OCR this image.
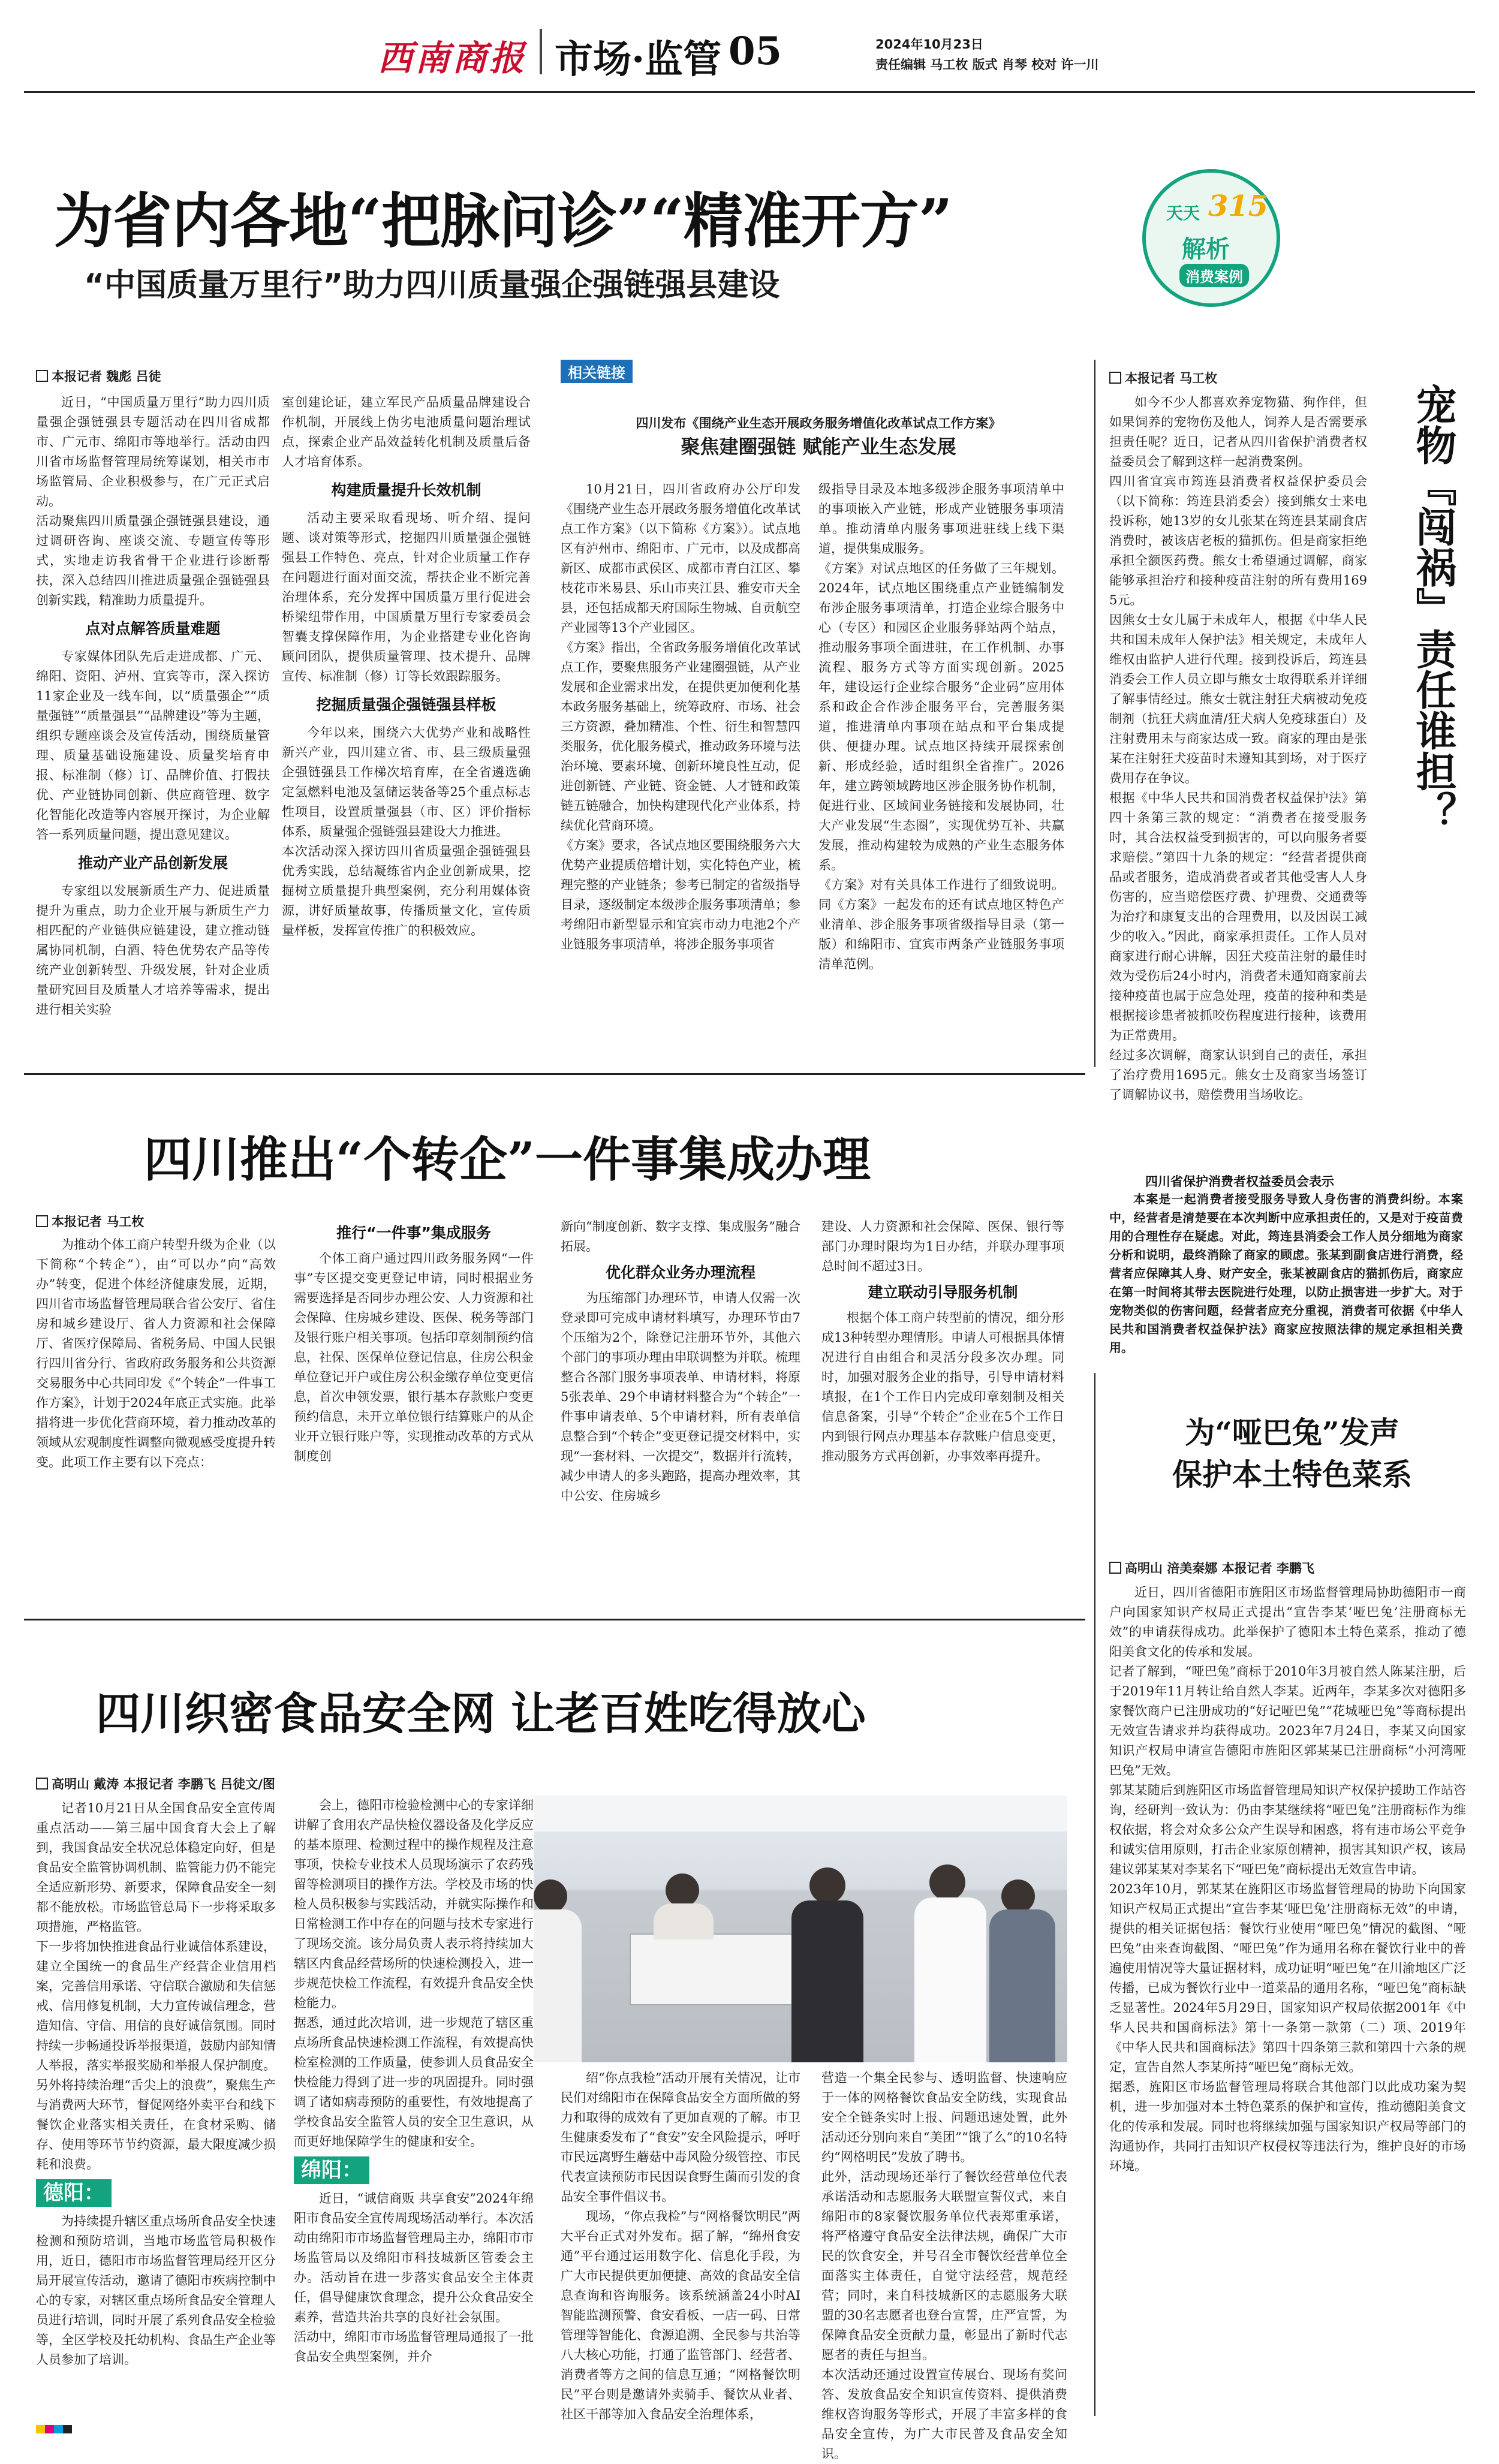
西南商报 市场·监管 05	2024年10月23日
责任编辑 马工枚 版式 肖琴 校对 许一川
为省内各地“把脉问诊”“精准开方”
“中国质量万里行”助力四川质量强企强链强县建设
天天 315
解析
消费案例
本报记者 魏彪 吕徒
近日，“中国质量万里行”助力四川质量强企强链强县专题活动在四川省成都市、广元市、绵阳市等地举行。活动由四川省市场监督管理局统筹谋划，相关市市场监管局、企业积极参与，在广元正式启动。
活动聚焦四川质量强企强链强县建设，通过调研咨询、座谈交流、专题宣传等形式，实地走访我省骨干企业进行诊断帮扶，深入总结四川推进质量强企强链强县创新实践，精准助力质量提升。
点对点解答质量难题
专家媒体团队先后走进成都、广元、绵阳、资阳、泸州、宜宾等市，深入探访11家企业及一线车间，以“质量强企”“质量强链”“质量强县”“品牌建设”等为主题，组织专题座谈会及宣传活动，围绕质量管理、质量基础设施建设、质量奖培育申报、标准制（修）订、品牌价值、打假扶优、产业链协同创新、供应商管理、数字化智能化改造等内容展开探讨，为企业解答一系列质量问题，提出意见建议。
推动产业产品创新发展
专家组以发展新质生产力、促进质量提升为重点，助力企业开展与新质生产力相匹配的产业链供应链建设，建立推动链属协同机制，白酒、特色优势农产品等传统产业创新转型、升级发展，针对企业质量研究回目及质量人才培养等需求，提出进行相关实验
室创建论证，建立军民产品质量品牌建设合作机制，开展线上伪劣电池质量问题治理试点，探索企业产品效益转化机制及质量后备人才培育体系。
构建质量提升长效机制
活动主要采取看现场、听介绍、提问题、谈对策等形式，挖掘四川质量强企强链强县工作特色、亮点，针对企业质量工作存在问题进行面对面交流，帮扶企业不断完善治理体系，充分发挥中国质量万里行促进会桥梁纽带作用，中国质量万里行专家委员会智囊支撑保障作用，为企业搭建专业化咨询顾问团队，提供质量管理、技术提升、品牌宣传、标准制（修）订等长效跟踪服务。
挖掘质量强企强链强县样板
今年以来，围绕六大优势产业和战略性新兴产业，四川建立省、市、县三级质量强企强链强县工作梯次培育库，在全省遴选确定氢燃料电池及氢储运装备等25个重点标志性项目，设置质量强县（市、区）评价指标体系，质量强企强链强县建设大力推进。
本次活动深入探访四川省质量强企强链强县优秀实践，总结凝练省内企业创新成果，挖掘树立质量提升典型案例，充分利用媒体资源，讲好质量故事，传播质量文化，宣传质量样板，发挥宣传推广的积极效应。
相关链接
四川发布《围绕产业生态开展政务服务增值化改革试点工作方案》
聚焦建圈强链 赋能产业生态发展
10月21日，四川省政府办公厅印发《围绕产业生态开展政务服务增值化改革试点工作方案》（以下简称《方案》）。试点地区有泸州市、绵阳市、广元市，以及成都高新区、成都市武侯区、成都市青白江区、攀枝花市米易县、乐山市夹江县、雅安市天全县，还包括成都天府国际生物城、自贡航空产业园等13个产业园区。
《方案》指出，全省政务服务增值化改革试点工作，要聚焦服务产业建圈强链，从产业发展和企业需求出发，在提供更加便利化基本政务服务基础上，统筹政府、市场、社会三方资源，叠加精准、个性、衍生和智慧四类服务，优化服务模式，推动政务环境与法治环境、要素环境、创新环境良性互动，促进创新链、产业链、资金链、人才链和政策链五链融合，加快构建现代化产业体系，持续优化营商环境。
《方案》要求，各试点地区要围绕服务六大优势产业提质倍增计划，实化特色产业，梳理完整的产业链条；参考已制定的省级指导目录，逐级制定本级涉企服务事项清单；参考绵阳市新型显示和宜宾市动力电池2个产业链服务事项清单，将涉企服务事项省
级指导目录及本地多级涉企服务事项清单中的事项嵌入产业链，形成产业链服务事项清单。推动清单内服务事项进驻线上线下渠道，提供集成服务。
《方案》对试点地区的任务做了三年规划。2024年，试点地区围绕重点产业链编制发布涉企服务事项清单，打造企业综合服务中心（专区）和园区企业服务驿站两个站点，推动服务事项全面进驻，在工作机制、办事流程、服务方式等方面实现创新。2025年，建设运行企业综合服务“企业码”应用体系和政企合作涉企服务平台，完善服务渠道，推进清单内事项在站点和平台集成提供、便捷办理。试点地区持续开展探索创新、形成经验，适时组织全省推广。2026年，建立跨领域跨地区涉企服务协作机制，促进行业、区域间业务链接和发展协同，壮大产业发展“生态圈”，实现优势互补、共赢发展，推动构建较为成熟的产业生态服务体系。
《方案》对有关具体工作进行了细致说明。同《方案》一起发布的还有试点地区特色产业清单、涉企服务事项省级指导目录（第一版）和绵阳市、宜宾市两条产业链服务事项清单范例。
本报记者 马工枚
宠物『闯祸』责任谁担？
如今不少人都喜欢养宠物猫、狗作伴，但如果饲养的宠物伤及他人，饲养人是否需要承担责任呢？近日，记者从四川省保护消费者权益委员会了解到这样一起消费案例。
四川省宜宾市筠连县消费者权益保护委员会（以下简称：筠连县消委会）接到熊女士来电投诉称，她13岁的女儿张某在筠连县某副食店消费时，被该店老板的猫抓伤。但是商家拒绝承担全额医药费。熊女士希望通过调解，商家能够承担治疗和接种疫苗注射的所有费用1695元。
因熊女士女儿属于未成年人，根据《中华人民共和国未成年人保护法》相关规定，未成年人维权由监护人进行代理。接到投诉后，筠连县消委会工作人员立即与熊女士取得联系并详细了解事情经过。熊女士就注射狂犬病被动免疫制剂（抗狂犬病血清/狂犬病人免疫球蛋白）及注射费用未与商家达成一致。商家的理由是张某在注射狂犬疫苗时未遵知其到场，对于医疗费用存在争议。
根据《中华人民共和国消费者权益保护法》第四十条第三款的规定：“消费者在接受服务时，其合法权益受到损害的，可以向服务者要求赔偿。”第四十九条的规定：“经营者提供商品或者服务，造成消费者或者其他受害人人身伤害的，应当赔偿医疗费、护理费、交通费等为治疗和康复支出的合理费用，以及因误工减少的收入。”因此，商家承担责任。工作人员对商家进行耐心讲解，因狂犬疫苗注射的最佳时效为受伤后24小时内，消费者未通知商家前去接种疫苗也属于应急处理，疫苗的接种和类是根据接诊患者被抓咬伤程度进行接种，该费用为正常费用。
经过多次调解，商家认识到自己的责任，承担了治疗费用1695元。熊女士及商家当场签订了调解协议书，赔偿费用当场收讫。
四川省保护消费者权益委员会表示
本案是一起消费者接受服务导致人身伤害的消费纠纷。本案中，经营者是清楚要在本次判断中应承担责任的，又是对于疫苗费用的合理性存在疑虑。对此，筠连县消委会工作人员分细地为商家分析和说明，最终消除了商家的顾虑。张某到副食店进行消费，经营者应保障其人身、财产安全，张某被副食店的猫抓伤后，商家应在第一时间将其带去医院进行处理，以防止损害进一步扩大。对于宠物类似的伤害问题，经营者应充分重视，消费者可依据《中华人民共和国消费者权益保护法》商家应按照法律的规定承担相关费用。
四川推出“个转企”一件事集成办理
本报记者 马工枚
为推动个体工商户转型升级为企业（以下简称“个转企”），由“可以办”向“高效办”转变，促进个体经济健康发展，近期，四川省市场监督管理局联合省公安厅、省住房和城乡建设厅、省人力资源和社会保障厅、省医疗保障局、省税务局、中国人民银行四川省分行、省政府政务服务和公共资源交易服务中心共同印发《“个转企”一件事工作方案》，计划于2024年底正式实施。此举措将进一步优化营商环境，着力推动改革的领域从宏观制度性调整向微观感受度提升转变。此项工作主要有以下亮点：
推行“一件事”集成服务
个体工商户通过四川政务服务网“一件事”专区提交变更登记申请，同时根据业务需要选择是否同步办理公安、人力资源和社会保障、住房城乡建设、医保、税务等部门及银行账户相关事项。包括印章刻制预约信息，社保、医保单位登记信息，住房公积金单位登记开户或住房公积金缴存单位变更信息，首次申领发票，银行基本存款账户变更预约信息，未开立单位银行结算账户的从企业开立银行账户等，实现推动改革的方式从制度创
新向“制度创新、数字支撑、集成服务”融合拓展。
优化群众业务办理流程
为压缩部门办理环节，申请人仅需一次登录即可完成申请材料填写，办理环节由7个压缩为2个，除登记注册环节外，其他六个部门的事项办理由串联调整为并联。梳理整合各部门服务事项表单、申请材料，将原5张表单、29个申请材料整合为“个转企”一件事申请表单、5个申请材料，所有表单信息整合到“个转企”变更登记提交材料中，实现“一套材料、一次提交”，数据并行流转，减少申请人的多头跑路，提高办理效率，其中公安、住房城乡
建设、人力资源和社会保障、医保、银行等部门办理时限均为1日办结，并联办理事项总时间不超过3日。
建立联动引导服务机制
根据个体工商户转型前的情况，细分形成13种转型办理情形。申请人可根据具体情况进行自由组合和灵活分段多次办理。同时，加强对服务企业的指导，引导申请材料填报，在1个工作日内完成印章刻制及相关信息备案，引导“个转企”企业在5个工作日内到银行网点办理基本存款账户信息变更，推动服务方式再创新，办事效率再提升。
四川织密食品安全网 让老百姓吃得放心
高明山 戴涛 本报记者 李鹏飞 吕徒文/图
记者10月21日从全国食品安全宣传周重点活动——第三届中国食育大会上了解到，我国食品安全状况总体稳定向好，但是食品安全监管协调机制、监管能力仍不能完全适应新形势、新要求，保障食品安全一刻都不能放松。市场监管总局下一步将采取多项措施，严格监管。
下一步将加快推进食品行业诚信体系建设，建立全国统一的食品生产经营企业信用档案，完善信用承诺、守信联合激励和失信惩戒、信用修复机制，大力宣传诚信理念，营造知信、守信、用信的良好诚信氛围。同时持续一步畅通投诉举报渠道，鼓励内部知情人举报，落实举报奖励和举报人保护制度。另外将持续治理“舌尖上的浪费”，聚焦生产与消费两大环节，督促网络外卖平台和线下餐饮企业落实相关责任，在食材采购、储存、使用等环节节约资源，最大限度减少损耗和浪费。
德阳：
为持续提升辖区重点场所食品安全快速检测和预防培训，当地市场监管局积极作用，近日，德阳市市场监督管理局经开区分局开展宣传活动，邀请了德阳市疾病控制中心的专家，对辖区重点场所食品安全管理人员进行培训，同时开展了系列食品安全检验等，全区学校及托幼机构、食品生产企业等人员参加了培训。
会上，德阳市检验检测中心的专家详细讲解了食用农产品快检仪器设备及化学反应的基本原理、检测过程中的操作规程及注意事项，快检专业技术人员现场演示了农药残留等检测项目的操作方法。学校及市场的快检人员积极参与实践活动，并就实际操作和日常检测工作中存在的问题与技术专家进行了现场交流。该分局负责人表示将持续加大辖区内食品经营场所的快速检测投入，进一步规范快检工作流程，有效提升食品安全快检能力。
据悉，通过此次培训，进一步规范了辖区重点场所食品快速检测工作流程，有效提高快检室检测的工作质量，使参训人员食品安全快检能力得到了进一步的巩固提升。同时强调了诸如病毒预防的重要性，有效地提高了学校食品安全监管人员的安全卫生意识，从而更好地保障学生的健康和安全。
绵阳：
近日，“诚信商贩 共享食安”2024年绵阳市食品安全宣传周现场活动举行。本次活动由绵阳市市场监督管理局主办，绵阳市市场监管局以及绵阳市科技城新区管委会主办。活动旨在进一步落实食品安全主体责任，倡导健康饮食理念，提升公众食品安全素养，营造共治共享的良好社会氛围。
活动中，绵阳市市场监督管理局通报了一批食品安全典型案例，并介
绍“你点我检”活动开展有关情况，让市民们对绵阳市在保障食品安全方面所做的努力和取得的成效有了更加直观的了解。市卫生健康委发布了“食安”安全风险提示，呼吁市民远离野生蘑菇中毒风险分级管控、市民代表宣读预防市民因误食野生菌而引发的食品安全事件倡议书。
现场，“你点我检”与“网格餐饮明民”两大平台正式对外发布。据了解，“绵州食安通”平台通过运用数字化、信息化手段，为广大市民提供更加便捷、高效的食品安全信息查询和咨询服务。该系统涵盖24小时AI智能监测预警、食安看板、一店一码、日常管理等智能化、食源追溯、全民参与共治等八大核心功能，打通了监管部门、经营者、消费者等方之间的信息互通；“网格餐饮明民”平台则是邀请外卖骑手、餐饮从业者、社区干部等加入食品安全治理体系，
营造一个集全民参与、透明监督、快速响应于一体的网格餐饮食品安全防线，实现食品安全全链条实时上报、问题迅速处置，此外活动还分别向来自“美团”“饿了么”的10名特约“网格明民”发放了聘书。
此外，活动现场还举行了餐饮经营单位代表承诺活动和志愿服务大联盟宣誓仪式，来自绵阳市的8家餐饮服务单位代表郑重承诺，将严格遵守食品安全法律法规，确保广大市民的饮食安全，并号召全市餐饮经营单位全面落实主体责任，自觉守法经营，规范经营；同时，来自科技城新区的志愿服务大联盟的30名志愿者也登台宣誓，庄严宣誓，为保障食品安全贡献力量，彰显出了新时代志愿者的责任与担当。
本次活动还通过设置宣传展台、现场有奖问答、发放食品安全知识宣传资料、提供消费维权咨询服务等形式，开展了丰富多样的食品安全宣传，为广大市民普及食品安全知识。
为“哑巴兔”发声
保护本土特色菜系
高明山 涪美秦娜 本报记者 李鹏飞
近日，四川省德阳市旌阳区市场监督管理局协助德阳市一商户向国家知识产权局正式提出“宣告李某‘哑巴兔’注册商标无效”的申请获得成功。此举保护了德阳本土特色菜系，推动了德阳美食文化的传承和发展。
记者了解到，“哑巴兔”商标于2010年3月被自然人陈某注册，后于2019年11月转让给自然人李某。近两年，李某多次对德阳多家餐饮商户已注册成功的“好记哑巴兔”“花城哑巴兔”等商标提出无效宣告请求并均获得成功。2023年7月24日，李某又向国家知识产权局申请宣告德阳市旌阳区郭某某已注册商标“小河湾哑巴兔”无效。
郭某某随后到旌阳区市场监督管理局知识产权保护援助工作站咨询，经研判一致认为：仍由李某继续将“哑巴兔”注册商标作为维权依据，将会对众多公众产生误导和困惑，将有违市场公平竞争和诚实信用原则，打击企业家原创精神，损害其知识产权，该局建议郭某某对李某名下“哑巴兔”商标提出无效宣告申请。
2023年10月，郭某某在旌阳区市场监督管理局的协助下向国家知识产权局正式提出“宣告李某‘哑巴兔’注册商标无效”的申请，提供的相关证据包括：餐饮行业使用“哑巴兔”情况的截图、“哑巴兔”由来查询截图、“哑巴兔”作为通用名称在餐饮行业中的普遍使用情况等大量证据材料，成功证明“哑巴兔”在川渝地区广泛传播，已成为餐饮行业中一道菜品的通用名称，“哑巴兔”商标缺乏显著性。2024年5月29日，国家知识产权局依据2001年《中华人民共和国商标法》第十一条第一款第（二）项、2019年《中华人民共和国商标法》第四十四条第三款和第四十六条的规定，宣告自然人李某所持“哑巴兔”商标无效。
据悉，旌阳区市场监督管理局将联合其他部门以此成功案为契机，进一步加强对本土特色菜系的保护和宣传，推动德阳美食文化的传承和发展。同时也将继续加强与国家知识产权局等部门的沟通协作，共同打击知识产权侵权等违法行为，维护良好的市场环境。
